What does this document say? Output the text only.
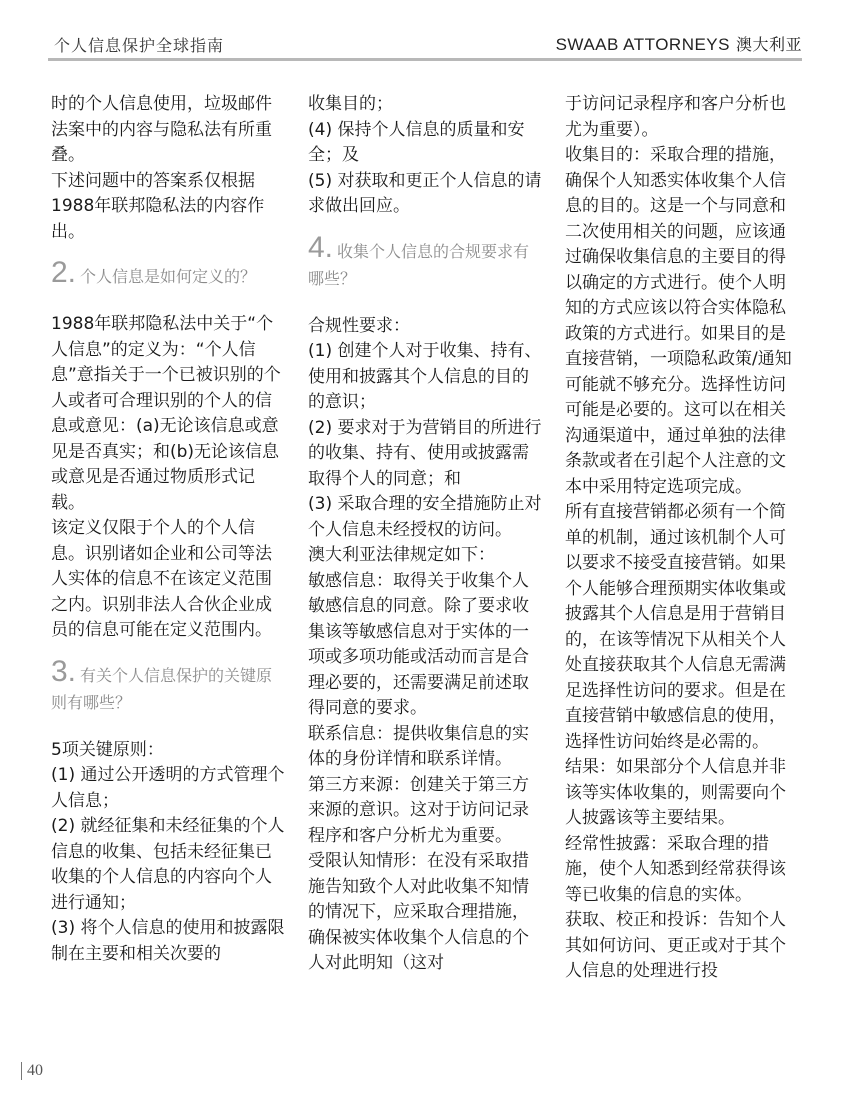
个人信息保护全球指南	SWAAB ATTORNEYS 澳大利亚

时的个人信息使用，垃圾邮件法案中的内容与隐私法有所重叠。

下述问题中的答案系仅根据1988年联邦隐私法的内容作出。

2. 个人信息是如何定义的？

1988年联邦隐私法中关于“个人信息”的定义为：“个人信息”意指关于一个已被识别的个人或者可合理识别的个人的信息或意见：(a)无论该信息或意见是否真实；和(b)无论该信息或意见是否通过物质形式记载。

该定义仅限于个人的个人信息。识别诸如企业和公司等法人实体的信息不在该定义范围之内。识别非法人合伙企业成员的信息可能在定义范围内。

3. 有关个人信息保护的关键原则有哪些？

5项关键原则：

(1) 通过公开透明的方式管理个人信息；

(2) 就经征集和未经征集的个人信息的收集、包括未经征集已收集的个人信息的内容向个人进行通知；

(3) 将个人信息的使用和披露限制在主要和相关次要的

收集目的；

(4) 保持个人信息的质量和安全；及

(5) 对获取和更正个人信息的请求做出回应。

4. 收集个人信息的合规要求有哪些？

合规性要求：

(1) 创建个人对于收集、持有、使用和披露其个人信息的目的的意识；

(2) 要求对于为营销目的所进行的收集、持有、使用或披露需取得个人的同意；和

(3) 采取合理的安全措施防止对个人信息未经授权的访问。

澳大利亚法律规定如下：

敏感信息：取得关于收集个人敏感信息的同意。除了要求收集该等敏感信息对于实体的一项或多项功能或活动而言是合理必要的，还需要满足前述取得同意的要求。

联系信息：提供收集信息的实体的身份详情和联系详情。

第三方来源：创建关于第三方来源的意识。这对于访问记录程序和客户分析尤为重要。

受限认知情形：在没有采取措施告知致个人对此收集不知情的情况下，应采取合理措施，确保被实体收集个人信息的个人对此明知（这对

于访问记录程序和客户分析也尤为重要）。

收集目的：采取合理的措施，确保个人知悉实体收集个人信息的目的。这是一个与同意和二次使用相关的问题，应该通过确保收集信息的主要目的得以确定的方式进行。使个人明知的方式应该以符合实体隐私政策的方式进行。如果目的是直接营销，一项隐私政策/通知可能就不够充分。选择性访问可能是必要的。这可以在相关沟通渠道中，通过单独的法律条款或者在引起个人注意的文本中采用特定选项完成。

所有直接营销都必须有一个简单的机制，通过该机制个人可以要求不接受直接营销。如果个人能够合理预期实体收集或披露其个人信息是用于营销目的，在该等情况下从相关个人处直接获取其个人信息无需满足选择性访问的要求。但是在直接营销中敏感信息的使用，选择性访问始终是必需的。

结果：如果部分个人信息并非该等实体收集的，则需要向个人披露该等主要结果。

经常性披露：采取合理的措施，使个人知悉到经常获得该等已收集的信息的实体。

获取、校正和投诉：告知个人其如何访问、更正或对于其个人信息的处理进行投

40
